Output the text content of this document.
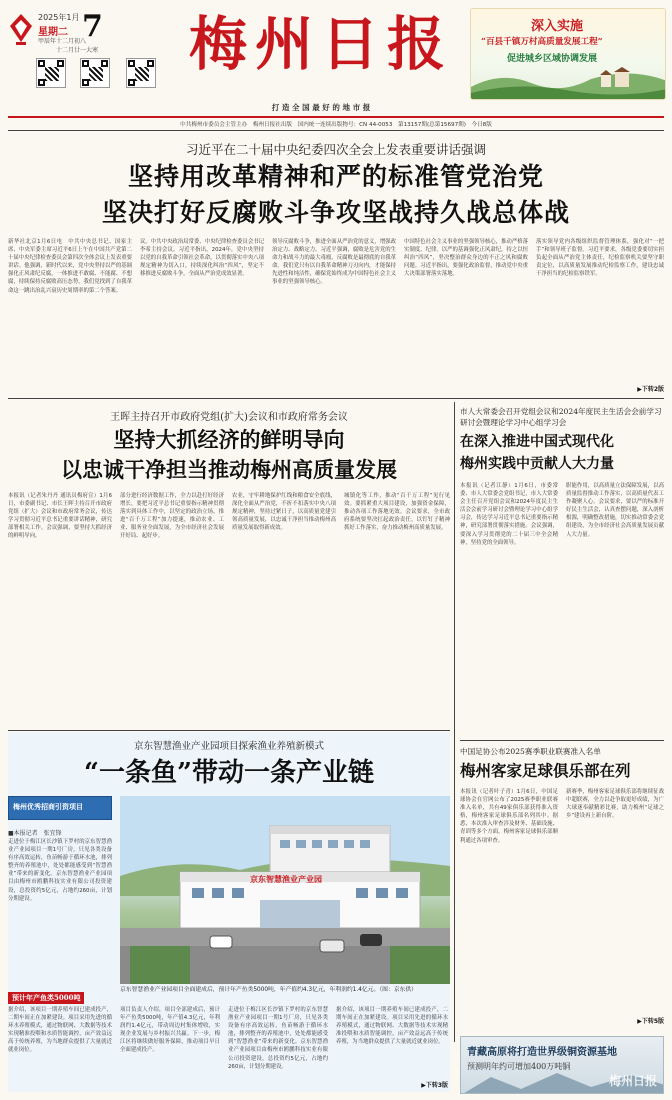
2025年1月
星期二 7
甲辰年十二月初八
十二月廿一大寒 梅州日报
打 造 全 国 最 好 的 地 市 报
深入实施
“百县千镇万村高质量发展工程”
促进城乡区域协调发展
中共梅州市委员会主管主办　梅州日报社出版　国内统一连续出版物号：CN 44-0053　第13157期(总第15697期)　今日8版
习近平在二十届中央纪委四次全会上发表重要讲话强调
坚持用改革精神和严的标准管党治党
坚决打好反腐败斗争攻坚战持久战总体战
新华社北京1月6日电　中共中央总书记、国家主席、中央军委主席习近平6日上午在中国共产党第二十届中央纪律检查委员会第四次全体会议上发表重要讲话。他强调，新时代以来，党中央坚持以严的基调强化正风肃纪反腐，一体推进不敢腐、不能腐、不想腐，持续保持反腐败高压态势，我们党找到了自我革命这一跳出治乱兴衰历史周期率的第二个答案。
议。中共中央政治局常委、中央纪律检查委员会书记李希主持会议。习近平指出，2024年，党中央坚持以党的自我革命引领社会革命，以贯彻落实中央八项规定精神为切入口，持续深化纠治“四风”，坚定不移推进反腐败斗争，全面从严治党成效显著。
领导反腐败斗争，推进全面从严治党的意义，增强政治定力、战略定力。习近平强调，腐败是危害党的生命力和战斗力的最大毒瘤，反腐败是最彻底的自我革命。我们党只有以自我革命精神刀刃向内，才能保持先进性和纯洁性，确保党始终成为中国特色社会主义事业的坚强领导核心。
中国特色社会主义事业的坚强领导核心，推动严格落实制度、纪律。以严的基调强化正风肃纪，持之以恒纠治“四风”，坚决整治群众身边的不正之风和腐败问题。习近平指出，要强化政治监督，推动党中央重大决策部署落实落地。
落实领导党内各级组织监督管理体系，强化对“一把手”和领导班子监督。习近平要求，各级党委要切实担负起全面从严治党主体责任，纪检监察机关要坚守职责定位，以高质量发展推动纪检监察工作，建设忠诚干净担当的纪检监察铁军。
▶下转2版
王晖主持召开市政府党组(扩大)会议和市政府常务会议
坚持大抓经济的鲜明导向
以忠诚干净担当推动梅州高质量发展
本报讯（记者朱丹丹 通讯员梅府宣）1月6日，市委副书记、市长王晖主持召开市政府党组（扩大）会议和市政府常务会议，传达学习贯彻习近平总书记重要讲话精神，研究部署相关工作。会议强调，要坚持大抓经济的鲜明导向。
部分进行经济数据工作，全力以赴打好经济增长。要把习近平总书记重要指示精神贯彻落实到具体工作中，以坚定的政治立场，推进“百千万工程”加力提速，推动农业、工业、服务业全面发展，为全市经济社会发展开好局、起好步。
农业，守牢耕地保护红线和粮食安全底线，深化全面从严治党，不折不扣落实中央八项规定精神，坚持过紧日子，以高质量党建引领高质量发展，以忠诚干净担当推动梅州高质量发展取得新成效。
城镇化等工作，推动“百千万工程”见行见效。要抓紧重大项目建设，加强资金保障，推动各项工作落地见效。会议要求，全市政府系统要坚决扛起政治责任，以钉钉子精神抓好工作落实，奋力推动梅州高质量发展。
市人大常委会召开党组会议和2024年度民主生活会会前学习研讨会暨理论学习中心组学习会
在深入推进中国式现代化
梅州实践中贡献人大力量
本报讯（记者江静）1月6日，市委常委、市人大常委会党组书记，市人大常委会主任召开党组会议和2024年度民主生活会会前学习研讨会暨理论学习中心组学习会，传达学习习近平总书记重要指示精神，研究部署贯彻落实措施。会议强调，要深入学习贯彻党的二十届三中全会精神，坚持党的全面领导。
职能作用，以高质量立法保障发展，以高质量监督推动工作落实，以高质量代表工作凝聚人心。会议要求，要以严的标准开好民主生活会，认真查摆问题，深入剖析根源，明确整改措施，切实推动常委会党组建设，为全市经济社会高质量发展贡献人大力量。
京东智慧渔业产业园项目探索渔业养殖新模式
“一条鱼”带动一条产业链
梅州优秀招商引资项目
■本报记者　张宜锋
走进位于梅江区长沙镇下罗村的京东智慧渔业产业园项目一期1号厂房，只见各类设备有序高效运转，鱼苗畅游于循环水池，排列整齐的养殖池中，处处都能感受到“智慧渔业”带来的新变化。京东智慧渔业产业园项目由梅州市鸥鹏科技实业有限公司投资建设，总投资约5亿元，占地约260亩，计划分期建设。
预计年产鱼类5000吨
据介绍，该项目一期养殖车间已建成投产，二期车间正在加紧建设。项目采用先进的循环水养殖模式，通过物联网、大数据等技术实现精准投喂和水质智能调控，亩产效益远高于传统养殖，为当地群众提供了大量就近就业岗位。
京东智慧渔业产业园
京东智慧渔业产业园项目全面建成后，预计年产鱼类5000吨，年产值约4.3亿元，年利润约1.4亿元。（图：京东供）
项目负责人介绍，项目全部建成后，预计年产鱼类5000吨，年产值4.3亿元，年利润约1.4亿元，带动周边村集体增收，实现企业发展与乡村振兴共赢。下一步，梅江区将继续做好服务保障，推动项目早日全面建成投产。
走进位于梅江区长沙镇下罗村的京东智慧渔业产业园项目一期1号厂房，只见各类设备有序高效运转，鱼苗畅游于循环水池，排列整齐的养殖池中，处处都能感受到“智慧渔业”带来的新变化。京东智慧渔业产业园项目由梅州市鸥鹏科技实业有限公司投资建设，总投资约5亿元，占地约260亩，计划分期建设。
据介绍，该项目一期养殖车间已建成投产，二期车间正在加紧建设。项目采用先进的循环水养殖模式，通过物联网、大数据等技术实现精准投喂和水质智能调控，亩产效益远高于传统养殖，为当地群众提供了大量就近就业岗位。
▶下转3版
中国足协公布2025赛季职业联赛准入名单
梅州客家足球俱乐部在列
本报讯（记者叶子青）1月6日，中国足球协会在官网公布了2025赛季职业联赛准入名单，共有49家俱乐部获得准入资格，梅州客家足球俱乐部名列其中。据悉，本次准入审查涉及财务、基础设施、青训等多个方面，梅州客家足球俱乐部顺利通过各项审查。
新赛季，梅州客家足球俱乐部将继续征战中超联赛，全力以赴争取更好成绩，为广大球迷奉献精彩比赛，助力梅州“足球之乡”建设再上新台阶。
▶下转5版
青藏高原将打造世界级铜资源基地
预测明年约可增加400万吨铜
梅州日报
